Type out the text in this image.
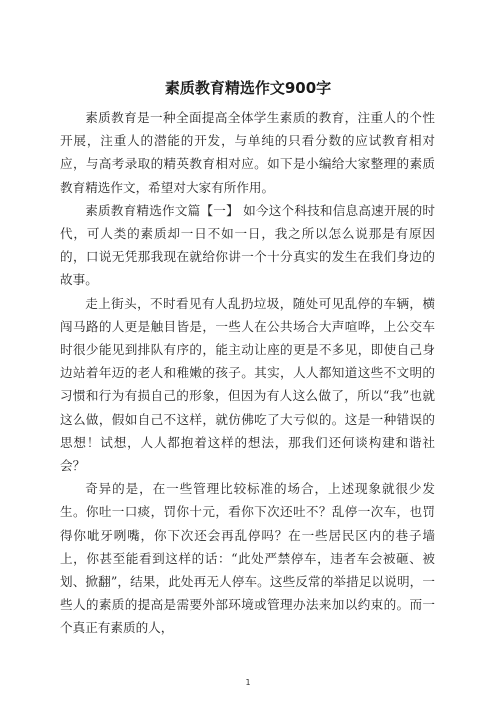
素质教育精选作文900字

素质教育是一种全面提高全体学生素质的教育，注重人的个性开展，注重人的潜能的开发，与单纯的只看分数的应试教育相对应，与高考录取的精英教育相对应。如下是小编给大家整理的素质教育精选作文，希望对大家有所作用。

素质教育精选作文篇【一】 如今这个科技和信息高速开展的时代，可人类的素质却一日不如一日，我之所以怎么说那是有原因的，口说无凭那我现在就给你讲一个十分真实的发生在我们身边的故事。

走上街头，不时看见有人乱扔垃圾，随处可见乱停的车辆，横闯马路的人更是触目皆是，一些人在公共场合大声喧哗，上公交车时很少能见到排队有序的，能主动让座的更是不多见，即使自己身边站着年迈的老人和稚嫩的孩子。其实，人人都知道这些不文明的习惯和行为有损自己的形象，但因为有人这么做了，所以“我”也就这么做，假如自己不这样，就仿佛吃了大亏似的。这是一种错误的思想！试想，人人都抱着这样的想法，那我们还何谈构建和谐社会？

奇异的是，在一些管理比较标准的场合，上述现象就很少发生。你吐一口痰，罚你十元，看你下次还吐不？乱停一次车，也罚得你呲牙咧嘴，你下次还会再乱停吗？在一些居民区内的巷子墙上，你甚至能看到这样的话：“此处严禁停车，违者车会被砸、被划、掀翻”，结果，此处再无人停车。这些反常的举措足以说明，一些人的素质的提高是需要外部环境或管理办法来加以约束的。而一个真正有素质的人，

1
